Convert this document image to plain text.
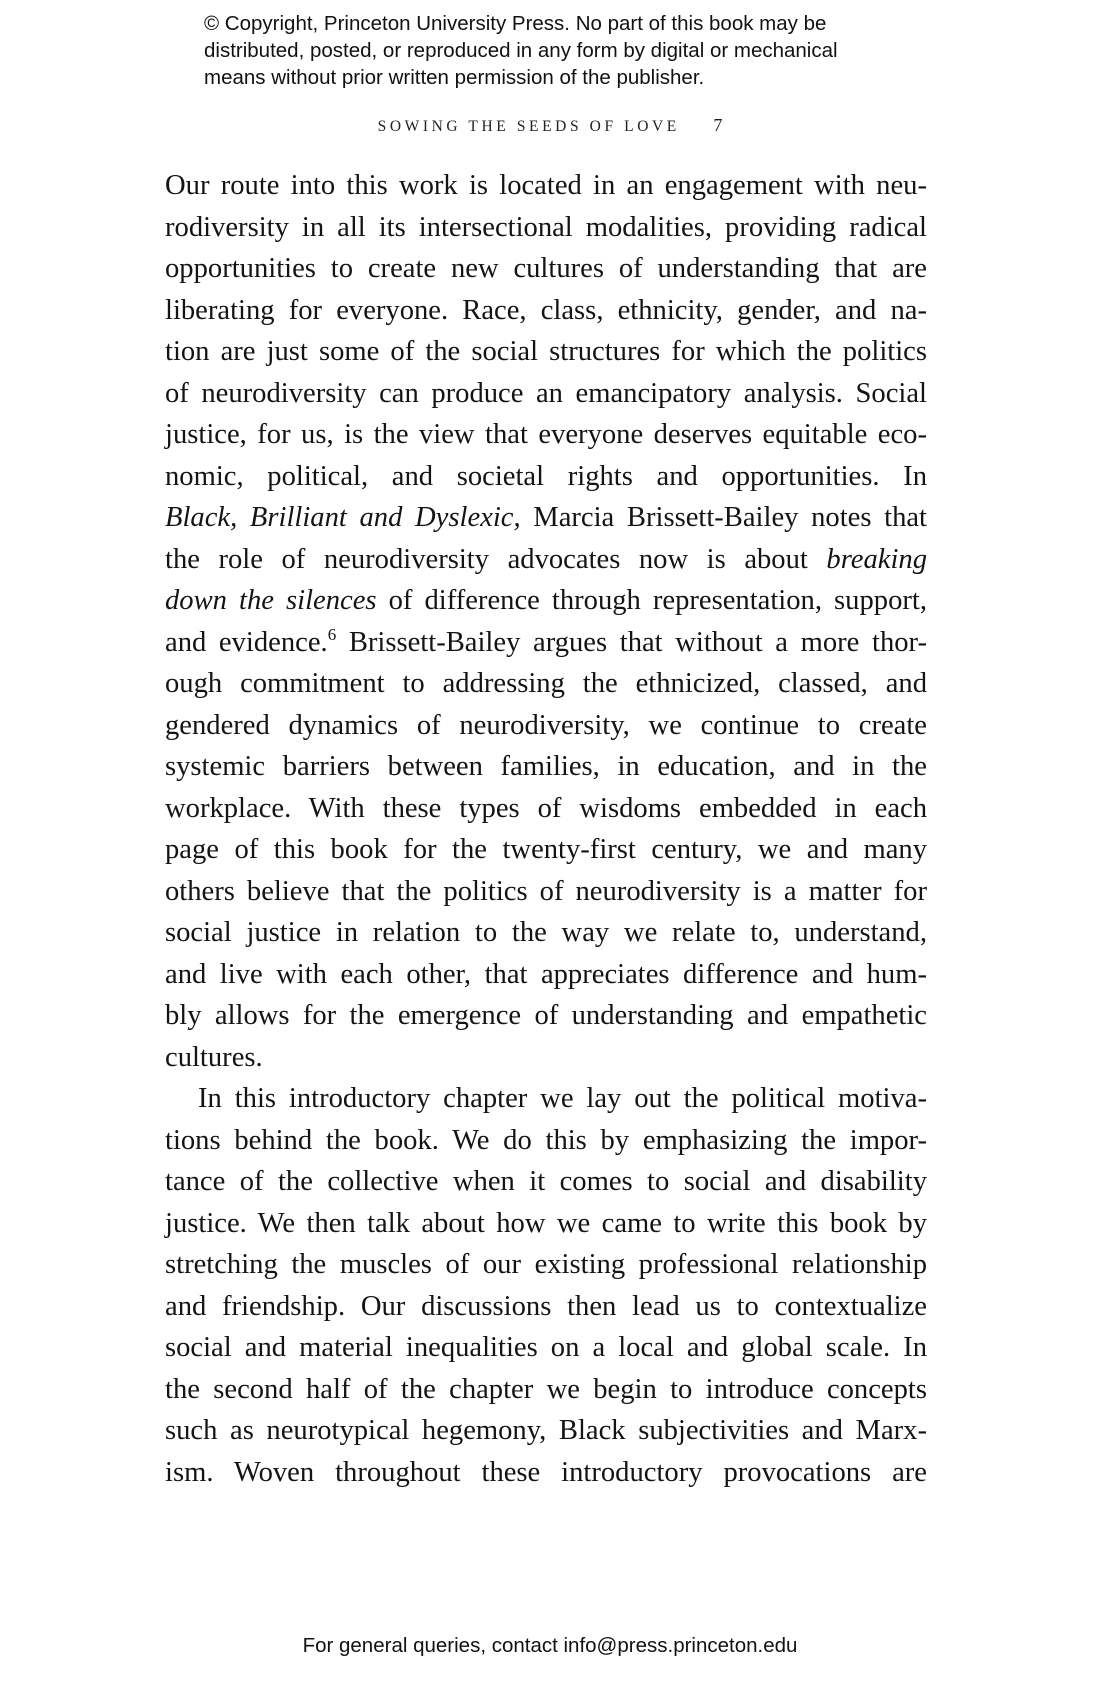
© Copyright, Princeton University Press. No part of this book may be
distributed, posted, or reproduced in any form by digital or mechanical
means without prior written permission of the publisher.
SOWING THE SEEDS OF LOVE 7
Our route into this work is located in an engagement with neu-
rodiversity in all its intersectional modalities, providing radical
opportunities to create new cultures of understanding that are
liberating for everyone. Race, class, ethnicity, gender, and na-
tion are just some of the social structures for which the politics
of neurodiversity can produce an emancipatory analysis. Social
justice, for us, is the view that everyone deserves equitable eco-
nomic, political, and societal rights and opportunities. In
Black, Brilliant and Dyslexic, Marcia Brissett-Bailey notes that
the role of neurodiversity advocates now is about breaking
down the silences of difference through representation, support,
and evidence.$^6$ Brissett-Bailey argues that without a more thor-
ough commitment to addressing the ethnicized, classed, and
gendered dynamics of neurodiversity, we continue to create
systemic barriers between families, in education, and in the
workplace. With these types of wisdoms embedded in each
page of this book for the twenty-first century, we and many
others believe that the politics of neurodiversity is a matter for
social justice in relation to the way we relate to, understand,
and live with each other, that appreciates difference and hum-
bly allows for the emergence of understanding and empathetic
cultures.
In this introductory chapter we lay out the political motiva-
tions behind the book. We do this by emphasizing the impor-
tance of the collective when it comes to social and disability
justice. We then talk about how we came to write this book by
stretching the muscles of our existing professional relationship
and friendship. Our discussions then lead us to contextualize
social and material inequalities on a local and global scale. In
the second half of the chapter we begin to introduce concepts
such as neurotypical hegemony, Black subjectivities and Marx-
ism. Woven throughout these introductory provocations are
For general queries, contact info@press.princeton.edu
